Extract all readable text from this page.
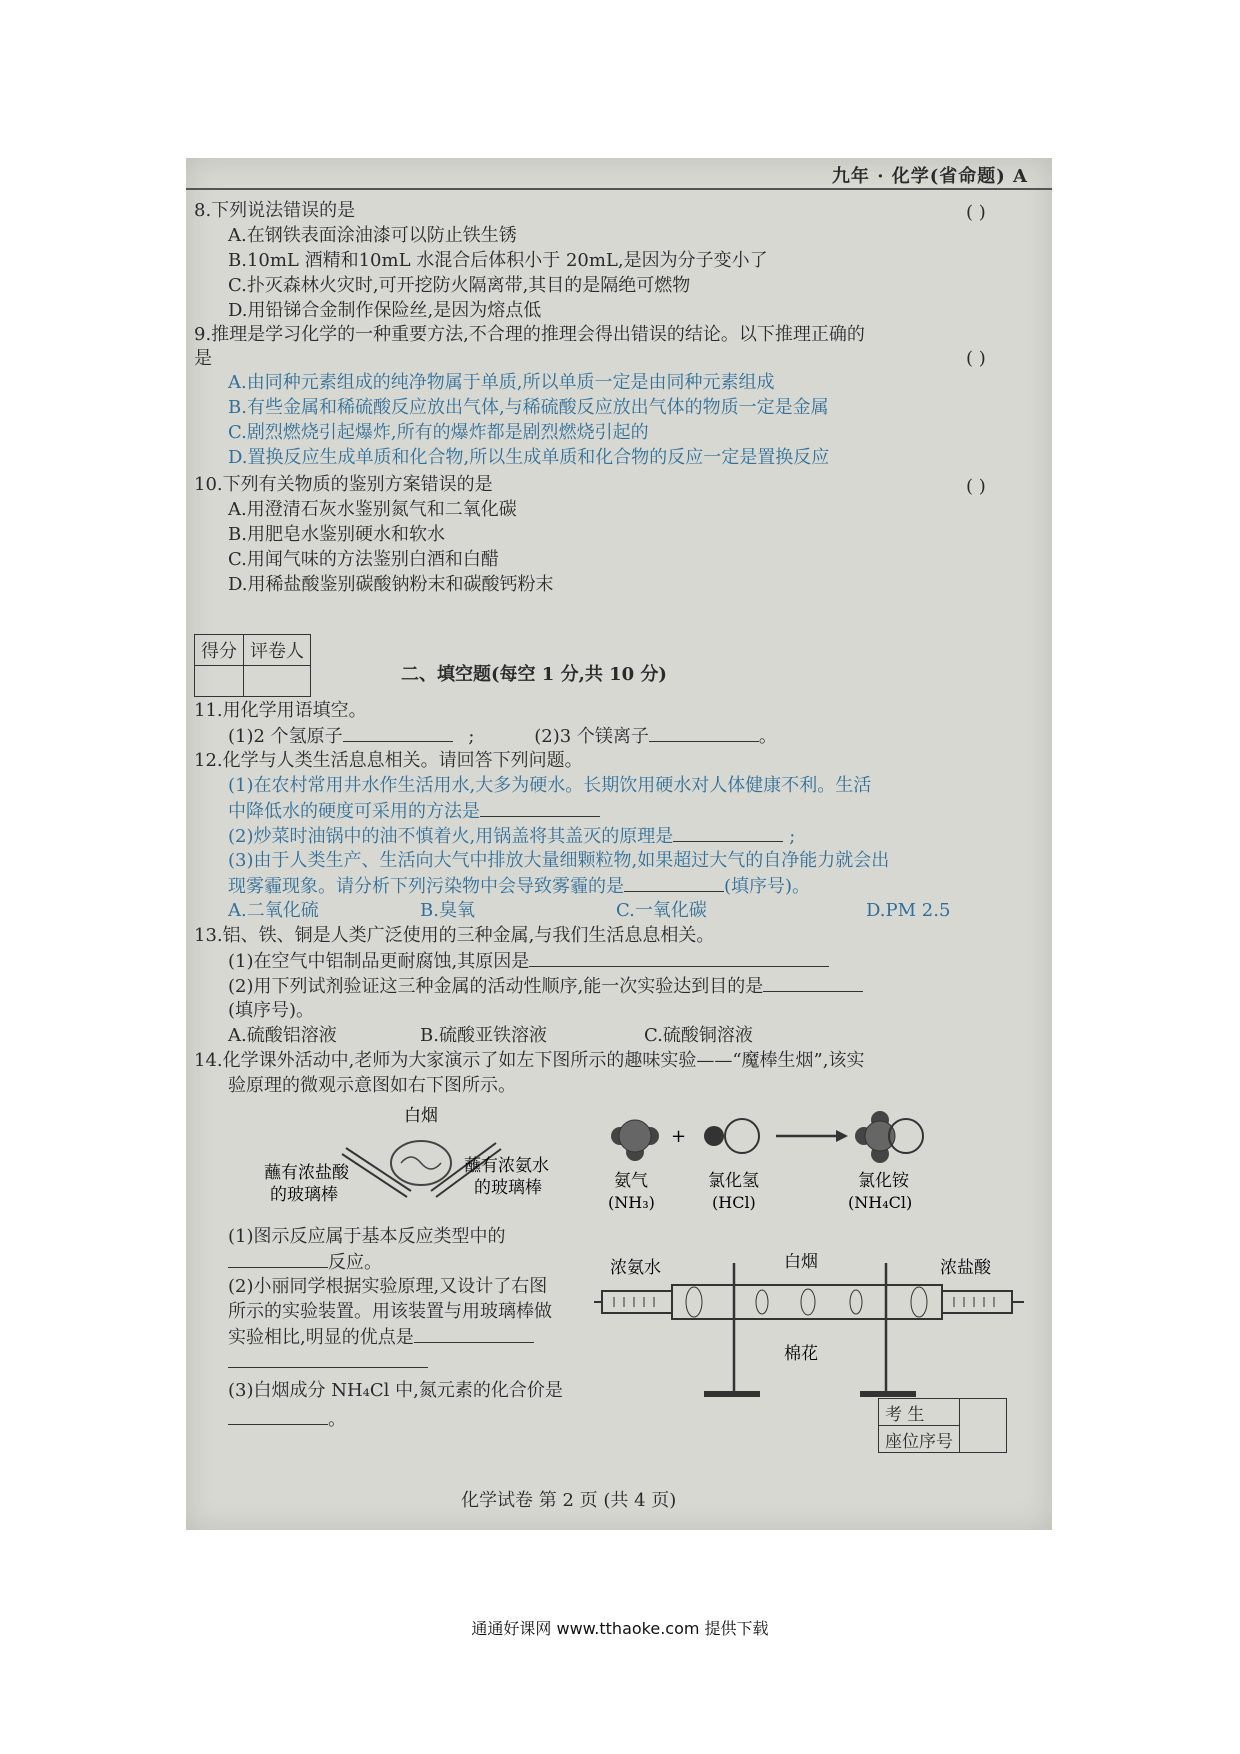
九年 · 化学(省命题) A
8.下列说法错误的是	( )
A.在钢铁表面涂油漆可以防止铁生锈
B.10mL 酒精和10mL 水混合后体积小于 20mL,是因为分子变小了
C.扑灭森林火灾时,可开挖防火隔离带,其目的是隔绝可燃物
D.用铅锑合金制作保险丝,是因为熔点低
9.推理是学习化学的一种重要方法,不合理的推理会得出错误的结论。以下推理正确的
是	( )
A.由同种元素组成的纯净物属于单质,所以单质一定是由同种元素组成
B.有些金属和稀硫酸反应放出气体,与稀硫酸反应放出气体的物质一定是金属
C.剧烈燃烧引起爆炸,所有的爆炸都是剧烈燃烧引起的
D.置换反应生成单质和化合物,所以生成单质和化合物的反应一定是置换反应
10.下列有关物质的鉴别方案错误的是	( )
A.用澄清石灰水鉴别氮气和二氧化碳
B.用肥皂水鉴别硬水和软水
C.用闻气味的方法鉴别白酒和白醋
D.用稀盐酸鉴别碳酸钠粉末和碳酸钙粉末
得分	评卷人

二、填空题(每空 1 分,共 10 分)
11.用化学用语填空。
(1)2 个氢原子	;	(2)3 个镁离子	。
12.化学与人类生活息息相关。请回答下列问题。
(1)在农村常用井水作生活用水,大多为硬水。长期饮用硬水对人体健康不利。生活
中降低水的硬度可采用的方法是
(2)炒菜时油锅中的油不慎着火,用锅盖将其盖灭的原理是	;
(3)由于人类生产、生活向大气中排放大量细颗粒物,如果超过大气的自净能力就会出
现雾霾现象。请分析下列污染物中会导致雾霾的是	(填序号)。
A.二氧化硫	B.臭氧	C.一氧化碳	D.PM 2.5
13.铝、铁、铜是人类广泛使用的三种金属,与我们生活息息相关。
(1)在空气中铝制品更耐腐蚀,其原因是
(2)用下列试剂验证这三种金属的活动性顺序,能一次实验达到目的是
(填序号)。
A.硫酸铝溶液	B.硫酸亚铁溶液	C.硫酸铜溶液
14.化学课外活动中,老师为大家演示了如左下图所示的趣味实验——“魔棒生烟”,该实
验原理的微观示意图如右下图所示。
白烟
蘸有浓盐酸
的玻璃棒
蘸有浓氨水
的玻璃棒
+
氨气
(NH₃)
氯化氢
(HCl)
氯化铵
(NH₄Cl)
(1)图示反应属于基本反应类型中的
反应。
(2)小丽同学根据实验原理,又设计了右图
所示的实验装置。用该装置与用玻璃棒做
实验相比,明显的优点是
(3)白烟成分 NH₄Cl 中,氮元素的化合价是
。
浓氨水	白烟	浓盐酸
棉花
考 生	
座位序号
化学试卷 第 2 页 (共 4 页)
通通好课网 www.tthaoke.com 提供下载
